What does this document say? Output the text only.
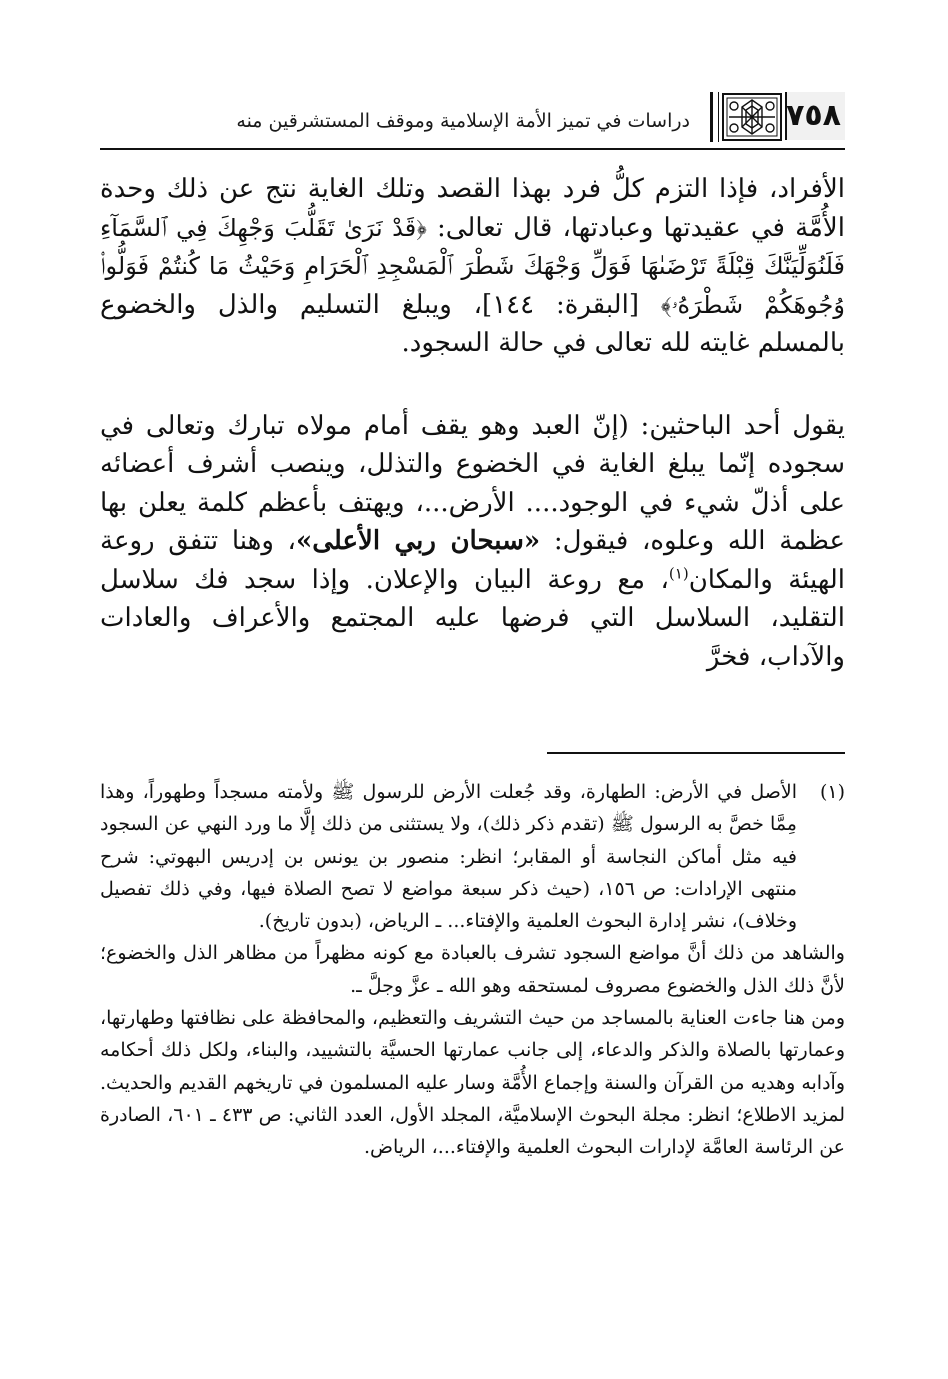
٧٥٨
دراسات في تميز الأمة الإسلامية وموقف المستشرقين منه

الأفراد، فإذا التزم كلُّ فرد بهذا القصد وتلك الغاية نتج عن ذلك وحدة الأُمَّة في عقيدتها وعبادتها، قال تعالى: ﴿قَدْ نَرَىٰ تَقَلُّبَ وَجْهِكَ فِي ٱلسَّمَآءِ فَلَنُوَلِّيَنَّكَ قِبْلَةً تَرْضَىٰهَا فَوَلِّ وَجْهَكَ شَطْرَ ٱلْمَسْجِدِ ٱلْحَرَامِ وَحَيْثُ مَا كُنتُمْ فَوَلُّوا۟ وُجُوهَكُمْ شَطْرَهُۥ﴾ [البقرة: ١٤٤]، ويبلغ التسليم والذل والخضوع بالمسلم غايته لله تعالى في حالة السجود.

يقول أحد الباحثين: (إنّ العبد وهو يقف أمام مولاه تبارك وتعالى في سجوده إنّما يبلغ الغاية في الخضوع والتذلل، وينصب أشرف أعضائه على أذلّ شيء في الوجود.... الأرض...، ويهتف بأعظم كلمة يعلن بها عظمة الله وعلوه، فيقول: «سبحان ربي الأعلى»، وهنا تتفق روعة الهيئة والمكان$^{(١)}$، مع روعة البيان والإعلان. وإذا سجد فك سلاسل التقليد، السلاسل التي فرضها عليه المجتمع والأعراف والعادات والآداب، فخرَّ

(١)

الأصل في الأرض: الطهارة، وقد جُعلت الأرض للرسول ﷺ ولأمته مسجداً وطهوراً، وهذا مِمَّا خصَّ به الرسول ﷺ (تقدم ذكر ذلك)، ولا يستثنى من ذلك إلَّا ما ورد النهي عن السجود فيه مثل أماكن النجاسة أو المقابر؛ انظر: منصور بن يونس بن إدريس البهوتي: شرح منتهى الإرادات: ص ١٥٦، (حيث ذكر سبعة مواضع لا تصح الصلاة فيها، وفي ذلك تفصيل وخلاف)، نشر إدارة البحوث العلمية والإفتاء... ـ الرياض، (بدون تاريخ).

والشاهد من ذلك أنَّ مواضع السجود تشرف بالعبادة مع كونه مظهراً من مظاهر الذل والخضوع؛ لأنَّ ذلك الذل والخضوع مصروف لمستحقه وهو الله ـ عزَّ وجلَّ ـ.

ومن هنا جاءت العناية بالمساجد من حيث التشريف والتعظيم، والمحافظة على نظافتها وطهارتها، وعمارتها بالصلاة والذكر والدعاء، إلى جانب عمارتها الحسيَّة بالتشييد، والبناء، ولكل ذلك أحكامه وآدابه وهديه من القرآن والسنة وإجماع الأُمَّة وسار عليه المسلمون في تاريخهم القديم والحديث. لمزيد الاطلاع؛ انظر: مجلة البحوث الإسلاميَّة، المجلد الأول، العدد الثاني: ص ٤٣٣ ـ ٦٠١، الصادرة عن الرئاسة العامَّة لإدارات البحوث العلمية والإفتاء...، الرياض.
